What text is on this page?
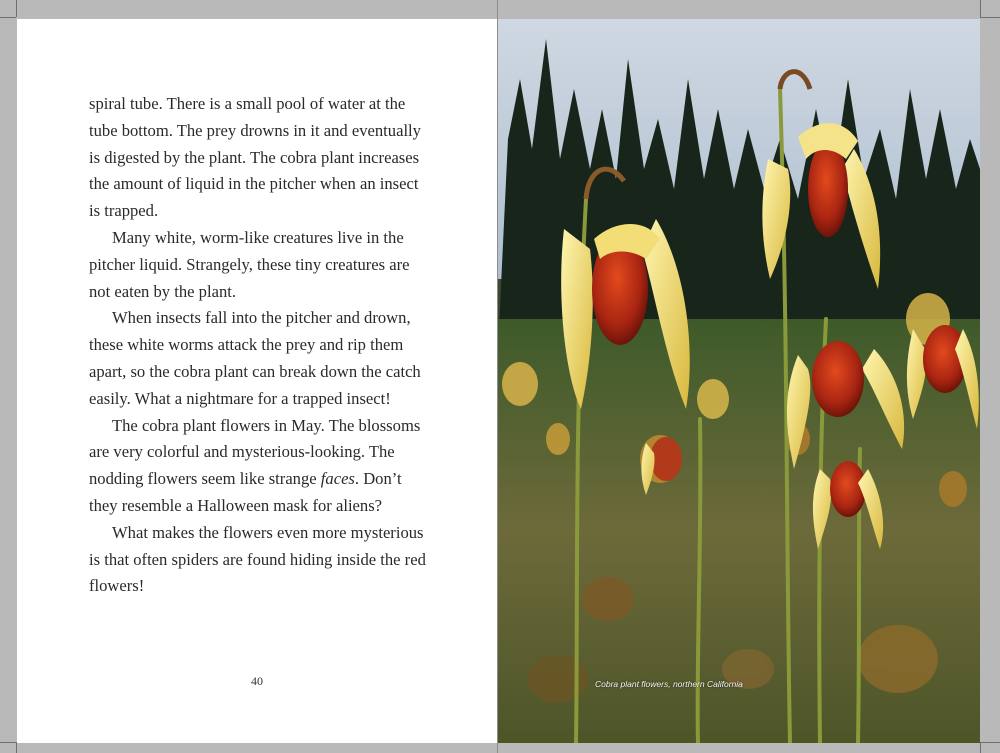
spiral tube. There is a small pool of water at the tube bottom. The prey drowns in it and eventually is digested by the plant. The cobra plant increases the amount of liquid in the pitcher when an insect is trapped.

Many white, worm-like creatures live in the pitcher liquid. Strangely, these tiny creatures are not eaten by the plant.

When insects fall into the pitcher and drown, these white worms attack the prey and rip them apart, so the cobra plant can break down the catch easily. What a nightmare for a trapped insect!

The cobra plant flowers in May. The blossoms are very colorful and mysterious-looking. The nodding flowers seem like strange faces. Don’t they resemble a Halloween mask for aliens?

What makes the flowers even more mysterious is that often spiders are found hiding inside the red flowers!

40	Cobra plant flowers, northern California
